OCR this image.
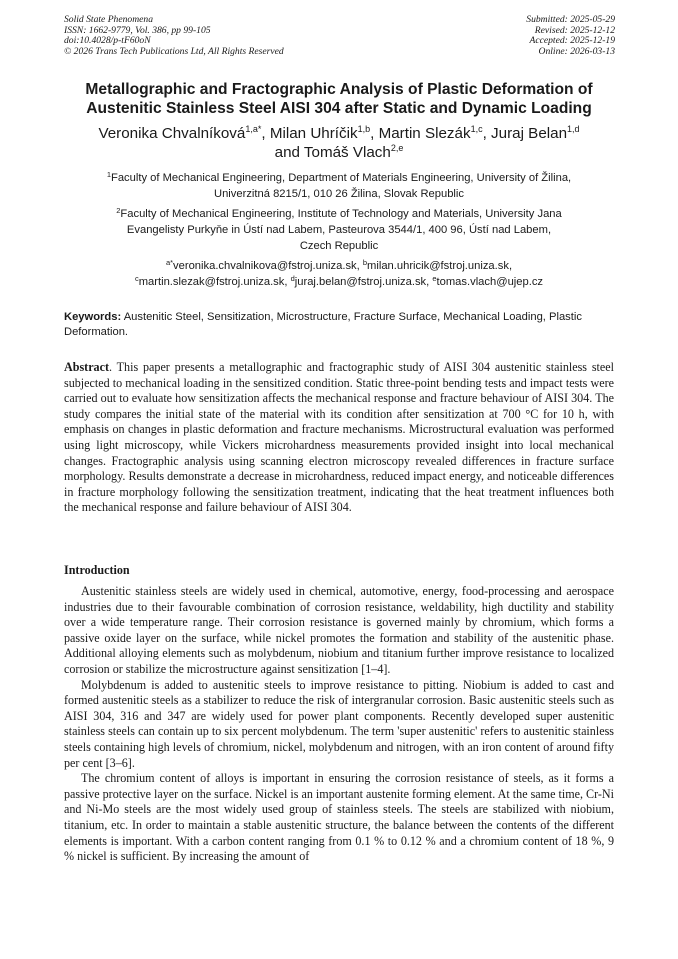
Solid State Phenomena
ISSN: 1662-9779, Vol. 386, pp 99-105
doi:10.4028/p-tF60oN
© 2026 Trans Tech Publications Ltd, All Rights Reserved
Submitted: 2025-05-29
Revised: 2025-12-12
Accepted: 2025-12-19
Online: 2026-03-13
Metallographic and Fractographic Analysis of Plastic Deformation of
Austenitic Stainless Steel AISI 304 after Static and Dynamic Loading
Veronika Chvalníková$^{1,a*}$, Milan Uhríčik$^{1,b}$, Martin Slezák$^{1,c}$, Juraj Belan$^{1,d}$
and Tomáš Vlach$^{2,e}$
$^1$Faculty of Mechanical Engineering, Department of Materials Engineering, University of Žilina,
Univerzitná 8215/1, 010 26 Žilina, Slovak Republic
$^2$Faculty of Mechanical Engineering, Institute of Technology and Materials, University Jana
Evangelisty Purkyňe in Ústí nad Labem, Pasteurova 3544/1, 400 96, Ústí nad Labem,
Czech Republic
$^{a*}$veronika.chvalnikova@fstroj.uniza.sk, $^b$milan.uhricik@fstroj.uniza.sk,
$^c$martin.slezak@fstroj.uniza.sk, $^d$juraj.belan@fstroj.uniza.sk, $^e$tomas.vlach@ujep.cz
Keywords: Austenitic Steel, Sensitization, Microstructure, Fracture Surface, Mechanical Loading, Plastic Deformation.
Abstract. This paper presents a metallographic and fractographic study of AISI 304 austenitic stainless steel subjected to mechanical loading in the sensitized condition. Static three-point bending tests and impact tests were carried out to evaluate how sensitization affects the mechanical response and fracture behaviour of AISI 304. The study compares the initial state of the material with its condition after sensitization at 700 °C for 10 h, with emphasis on changes in plastic deformation and fracture mechanisms. Microstructural evaluation was performed using light microscopy, while Vickers microhardness measurements provided insight into local mechanical changes. Fractographic analysis using scanning electron microscopy revealed differences in fracture surface morphology. Results demonstrate a decrease in microhardness, reduced impact energy, and noticeable differences in fracture morphology following the sensitization treatment, indicating that the heat treatment influences both the mechanical response and failure behaviour of AISI 304.
Introduction

Austenitic stainless steels are widely used in chemical, automotive, energy, food-processing and aerospace industries due to their favourable combination of corrosion resistance, weldability, high ductility and stability over a wide temperature range. Their corrosion resistance is governed mainly by chromium, which forms a passive oxide layer on the surface, while nickel promotes the formation and stability of the austenitic phase. Additional alloying elements such as molybdenum, niobium and titanium further improve resistance to localized corrosion or stabilize the microstructure against sensitization [1–4].

Molybdenum is added to austenitic steels to improve resistance to pitting. Niobium is added to cast and formed austenitic steels as a stabilizer to reduce the risk of intergranular corrosion. Basic austenitic steels such as AISI 304, 316 and 347 are widely used for power plant components. Recently developed super austenitic stainless steels can contain up to six percent molybdenum. The term 'super austenitic' refers to austenitic stainless steels containing high levels of chromium, nickel, molybdenum and nitrogen, with an iron content of around fifty per cent [3–6].

The chromium content of alloys is important in ensuring the corrosion resistance of steels, as it forms a passive protective layer on the surface. Nickel is an important austenite forming element. At the same time, Cr-Ni and Ni-Mo steels are the most widely used group of stainless steels. The steels are stabilized with niobium, titanium, etc. In order to maintain a stable austenitic structure, the balance between the contents of the different elements is important. With a carbon content ranging from 0.1 % to 0.12 % and a chromium content of 18 %, 9 % nickel is sufficient. By increasing the amount of
